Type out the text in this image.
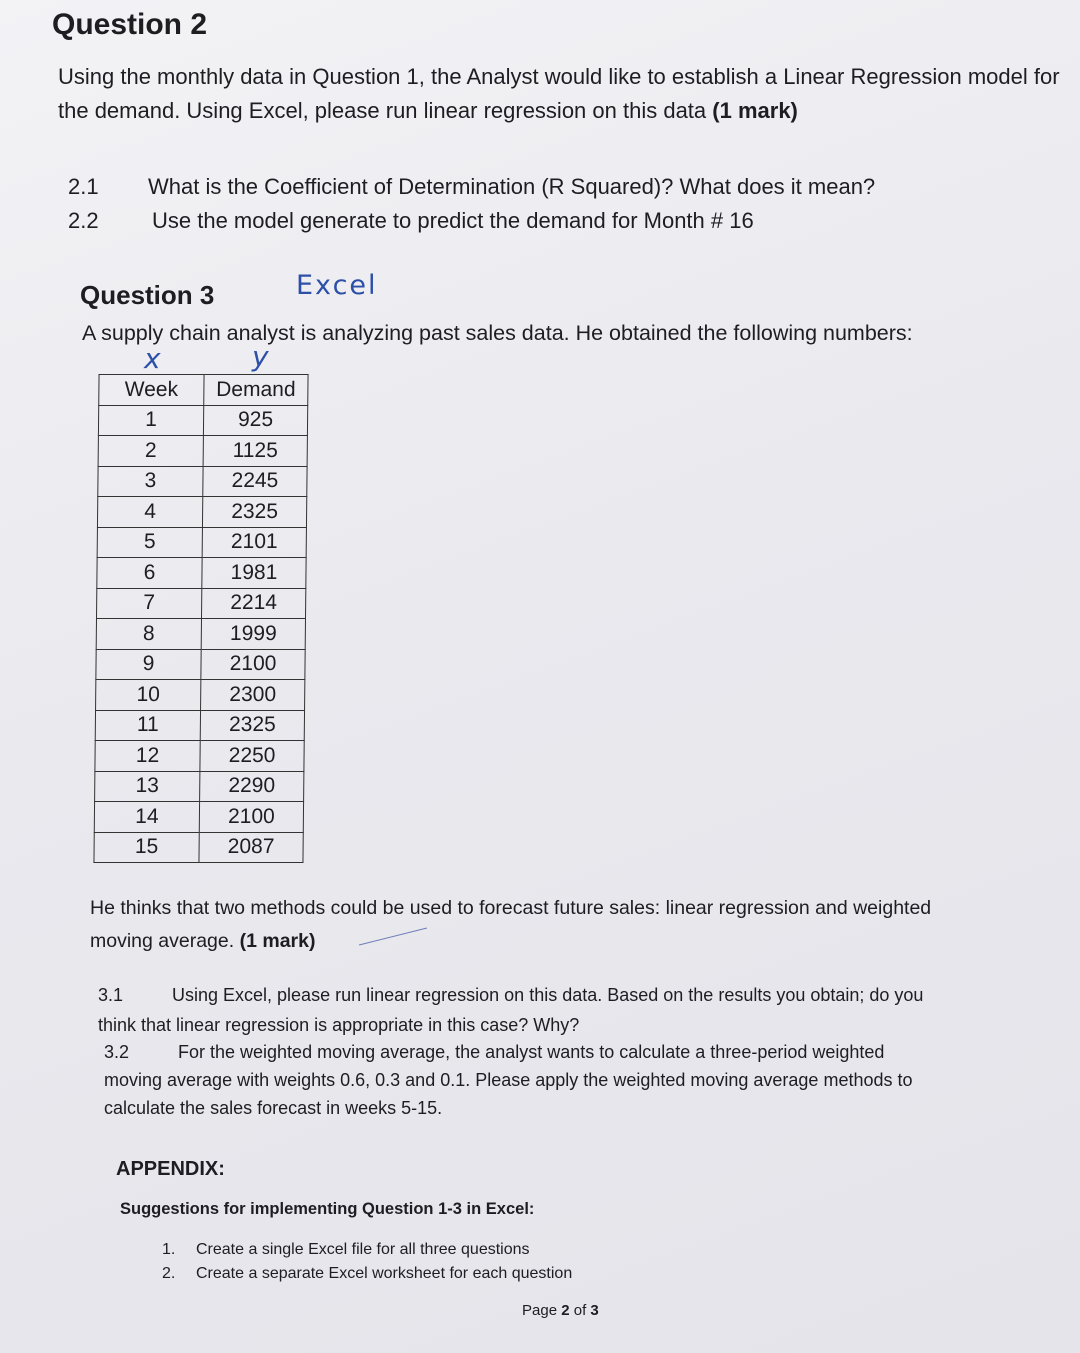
Question 2
Using the monthly data in Question 1, the Analyst would like to establish a Linear Regression model for
the demand. Using Excel, please run linear regression on this data (1 mark)
2.1 What is the Coefficient of Determination (R Squared)? What does it mean?
2.2 Use the model generate to predict the demand for Month # 16
Question 3	Excel
A supply chain analyst is analyzing past sales data. He obtained the following numbers:
x	y
Week	Demand
1	925
2	1125
3	2245
4	2325
5	2101
6	1981
7	2214
8	1999
9	2100
10	2300
11	2325
12	2250
13	2290
14	2100
15	2087
He thinks that two methods could be used to forecast future sales: linear regression and weighted
moving average. (1 mark)
3.1	Using Excel, please run linear regression on this data. Based on the results you obtain; do you
think that linear regression is appropriate in this case? Why?
3.2	For the weighted moving average, the analyst wants to calculate a three-period weighted
moving average with weights 0.6, 0.3 and 0.1. Please apply the weighted moving average methods to
calculate the sales forecast in weeks 5-15.
APPENDIX:
Suggestions for implementing Question 1-3 in Excel:
1. Create a single Excel file for all three questions
2. Create a separate Excel worksheet for each question
Page 2 of 3
